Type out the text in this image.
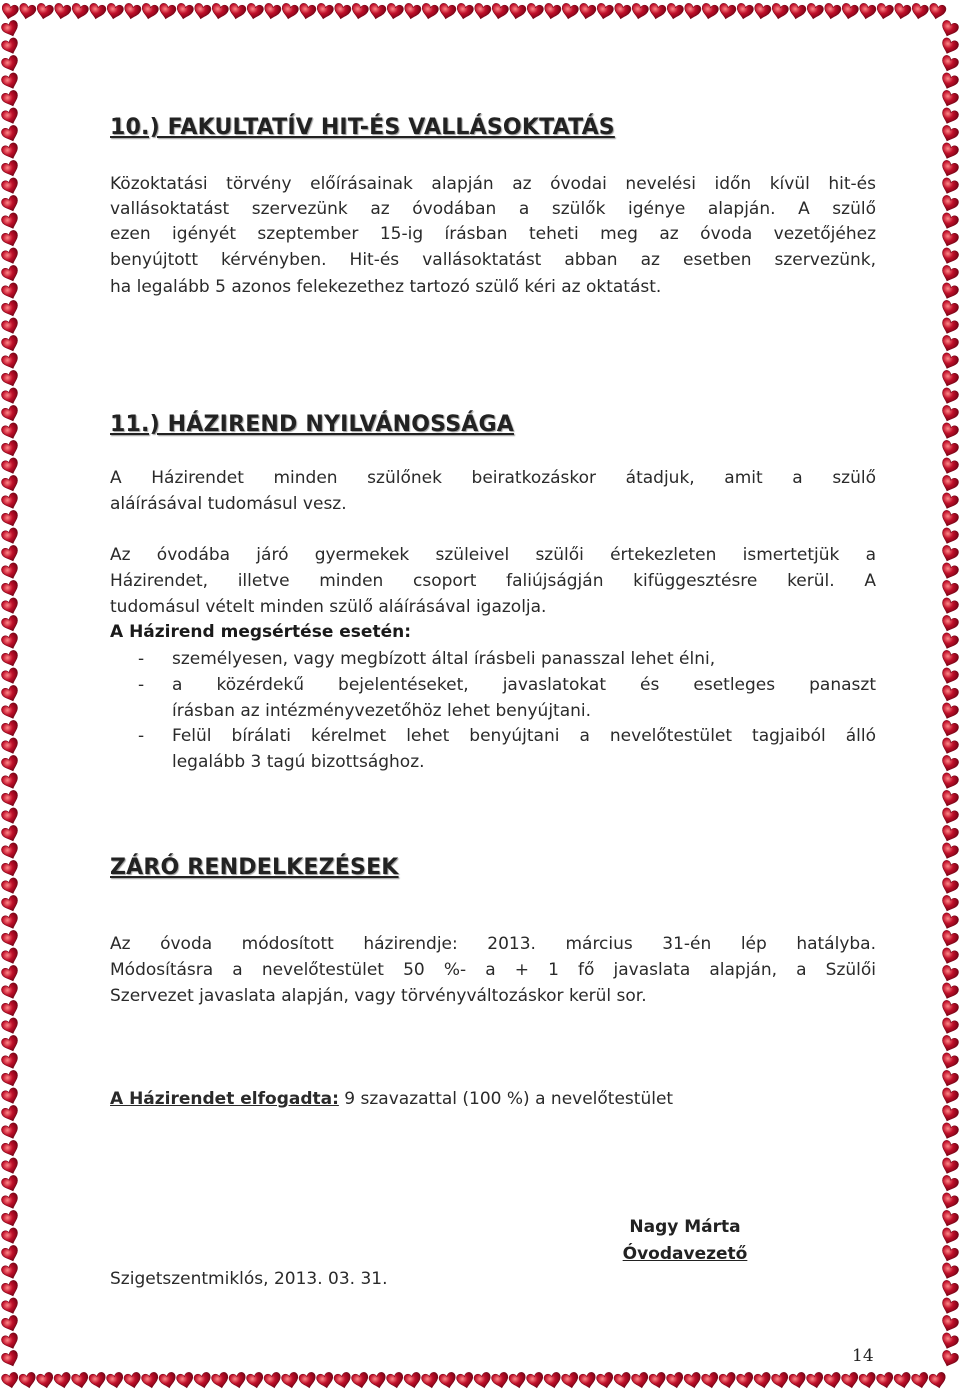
10.) FAKULTATÍV HIT-ÉS VALLÁSOKTATÁS
Közoktatási törvény előírásainak alapján az óvodai nevelési időn kívül hit-és
vallásoktatást szervezünk az óvodában a szülők igénye alapján. A szülő
ezen igényét szeptember 15-ig írásban teheti meg az óvoda vezetőjéhez
benyújtott kérvényben. Hit-és vallásoktatást abban az esetben szervezünk,
ha legalább 5 azonos felekezethez tartozó szülő kéri az oktatást.
11.) HÁZIREND NYILVÁNOSSÁGA
A Házirendet minden szülőnek beiratkozáskor átadjuk, amit a szülő
aláírásával tudomásul vesz.
Az óvodába járó gyermekek szüleivel szülői értekezleten ismertetjük a
Házirendet, illetve minden csoport faliújságján kifüggesztésre kerül. A
tudomásul vételt minden szülő aláírásával igazolja.
A Házirend megsértése esetén:
-	személyesen, vagy megbízott által írásbeli panasszal lehet élni,
-	a közérdekű bejelentéseket, javaslatokat és esetleges panaszt
írásban az intézményvezetőhöz lehet benyújtani.
-	Felül bírálati kérelmet lehet benyújtani a nevelőtestület tagjaiból álló
legalább 3 tagú bizottsághoz.
ZÁRÓ RENDELKEZÉSEK
Az óvoda módosított házirendje: 2013. március 31-én lép hatályba.
Módosításra a nevelőtestület 50 %- a + 1 fő javaslata alapján, a Szülői
Szervezet javaslata alapján, vagy törvényváltozáskor kerül sor.
A Házirendet elfogadta: 9 szavazattal (100 %) a nevelőtestület
Szigetszentmiklós, 2013. 03. 31.
Nagy Márta
Óvodavezető
14
